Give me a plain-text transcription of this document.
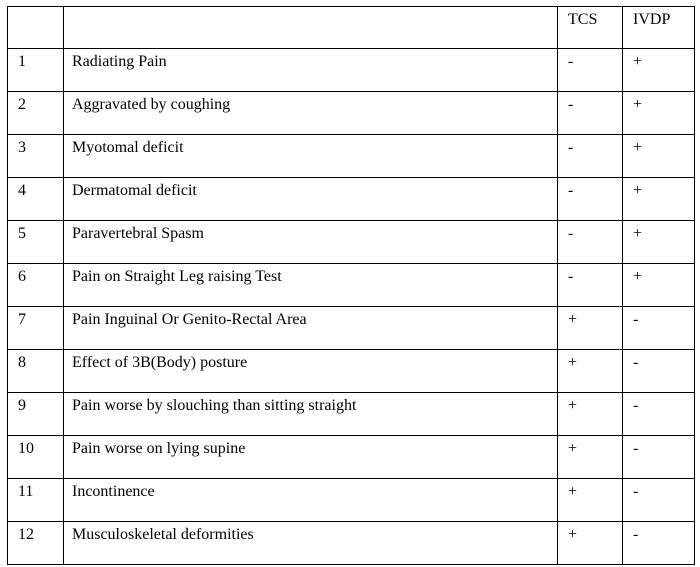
		TCS	IVDP

1	Radiating Pain	-	+

2	Aggravated by coughing	-	+

3	Myotomal deficit	-	+

4	Dermatomal deficit	-	+

5	Paravertebral Spasm	-	+

6	Pain on Straight Leg raising Test	-	+

7	Pain Inguinal Or Genito-Rectal Area	+	-

8	Effect of 3B(Body) posture	+	-

9	Pain worse by slouching than sitting straight	+	-

10	Pain worse on lying supine	+	-

11	Incontinence	+	-

12	Musculoskeletal deformities	+	-
